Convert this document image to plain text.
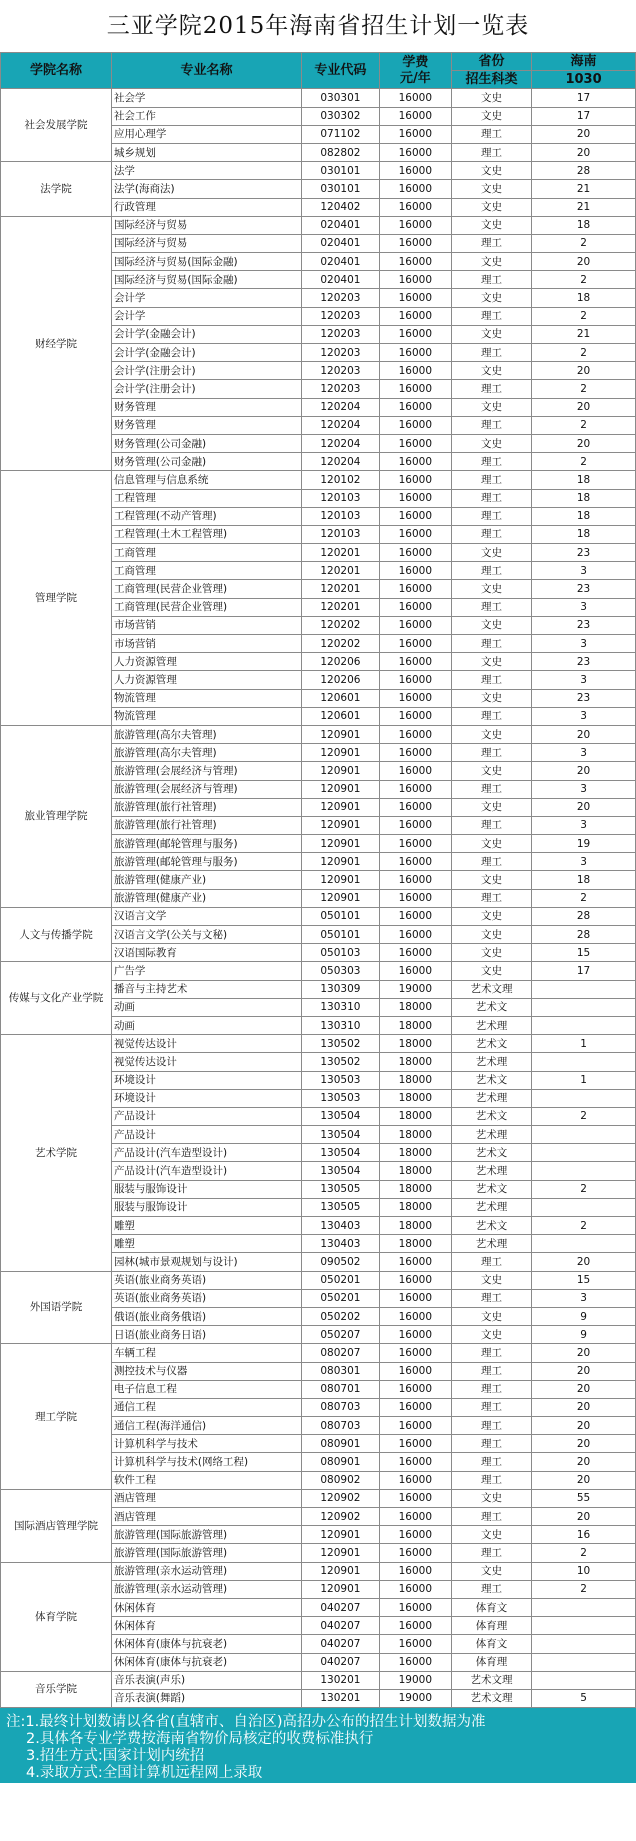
三亚学院2015年海南省招生计划一览表
学院名称	专业名称	专业代码	学费
元/年	省份	海南
				招生科类	1030
社会发展学院	社会学	030301	16000	文史	17
	社会工作	030302	16000	文史	17
	应用心理学	071102	16000	理工	20
	城乡规划	082802	16000	理工	20
法学院	法学	030101	16000	文史	28
	法学(海商法)	030101	16000	文史	21
	行政管理	120402	16000	文史	21
财经学院	国际经济与贸易	020401	16000	文史	18
	国际经济与贸易	020401	16000	理工	2
	国际经济与贸易(国际金融)	020401	16000	文史	20
	国际经济与贸易(国际金融)	020401	16000	理工	2
	会计学	120203	16000	文史	18
	会计学	120203	16000	理工	2
	会计学(金融会计)	120203	16000	文史	21
	会计学(金融会计)	120203	16000	理工	2
	会计学(注册会计)	120203	16000	文史	20
	会计学(注册会计)	120203	16000	理工	2
	财务管理	120204	16000	文史	20
	财务管理	120204	16000	理工	2
	财务管理(公司金融)	120204	16000	文史	20
	财务管理(公司金融)	120204	16000	理工	2
管理学院	信息管理与信息系统	120102	16000	理工	18
	工程管理	120103	16000	理工	18
	工程管理(不动产管理)	120103	16000	理工	18
	工程管理(土木工程管理)	120103	16000	理工	18
	工商管理	120201	16000	文史	23
	工商管理	120201	16000	理工	3
	工商管理(民营企业管理)	120201	16000	文史	23
	工商管理(民营企业管理)	120201	16000	理工	3
	市场营销	120202	16000	文史	23
	市场营销	120202	16000	理工	3
	人力资源管理	120206	16000	文史	23
	人力资源管理	120206	16000	理工	3
	物流管理	120601	16000	文史	23
	物流管理	120601	16000	理工	3
旅业管理学院	旅游管理(高尔夫管理)	120901	16000	文史	20
	旅游管理(高尔夫管理)	120901	16000	理工	3
	旅游管理(会展经济与管理)	120901	16000	文史	20
	旅游管理(会展经济与管理)	120901	16000	理工	3
	旅游管理(旅行社管理)	120901	16000	文史	20
	旅游管理(旅行社管理)	120901	16000	理工	3
	旅游管理(邮轮管理与服务)	120901	16000	文史	19
	旅游管理(邮轮管理与服务)	120901	16000	理工	3
	旅游管理(健康产业)	120901	16000	文史	18
	旅游管理(健康产业)	120901	16000	理工	2
人文与传播学院	汉语言文学	050101	16000	文史	28
	汉语言文学(公关与文秘)	050101	16000	文史	28
	汉语国际教育	050103	16000	文史	15
传媒与文化产业学院	广告学	050303	16000	文史	17
	播音与主持艺术	130309	19000	艺术文理	
	动画	130310	18000	艺术文	
	动画	130310	18000	艺术理	
艺术学院	视觉传达设计	130502	18000	艺术文	1
	视觉传达设计	130502	18000	艺术理	
	环境设计	130503	18000	艺术文	1
	环境设计	130503	18000	艺术理	
	产品设计	130504	18000	艺术文	2
	产品设计	130504	18000	艺术理	
	产品设计(汽车造型设计)	130504	18000	艺术文	
	产品设计(汽车造型设计)	130504	18000	艺术理	
	服装与服饰设计	130505	18000	艺术文	2
	服装与服饰设计	130505	18000	艺术理	
	雕塑	130403	18000	艺术文	2
	雕塑	130403	18000	艺术理	
	园林(城市景观规划与设计)	090502	16000	理工	20
外国语学院	英语(旅业商务英语)	050201	16000	文史	15
	英语(旅业商务英语)	050201	16000	理工	3
	俄语(旅业商务俄语)	050202	16000	文史	9
	日语(旅业商务日语)	050207	16000	文史	9
理工学院	车辆工程	080207	16000	理工	20
	测控技术与仪器	080301	16000	理工	20
	电子信息工程	080701	16000	理工	20
	通信工程	080703	16000	理工	20
	通信工程(海洋通信)	080703	16000	理工	20
	计算机科学与技术	080901	16000	理工	20
	计算机科学与技术(网络工程)	080901	16000	理工	20
	软件工程	080902	16000	理工	20
国际酒店管理学院	酒店管理	120902	16000	文史	55
	酒店管理	120902	16000	理工	20
	旅游管理(国际旅游管理)	120901	16000	文史	16
	旅游管理(国际旅游管理)	120901	16000	理工	2
体育学院	旅游管理(亲水运动管理)	120901	16000	文史	10
	旅游管理(亲水运动管理)	120901	16000	理工	2
	休闲体育	040207	16000	体育文	
	休闲体育	040207	16000	体育理	
	休闲体育(康体与抗衰老)	040207	16000	体育文	
	休闲体育(康体与抗衰老)	040207	16000	体育理	
音乐学院	音乐表演(声乐)	130201	19000	艺术文理	
	音乐表演(舞蹈)	130201	19000	艺术文理	5
注:1.最终计划数请以各省(直辖市、自治区)高招办公布的招生计划数据为准
2.具体各专业学费按海南省物价局核定的收费标准执行
3.招生方式:国家计划内统招
4.录取方式:全国计算机远程网上录取
